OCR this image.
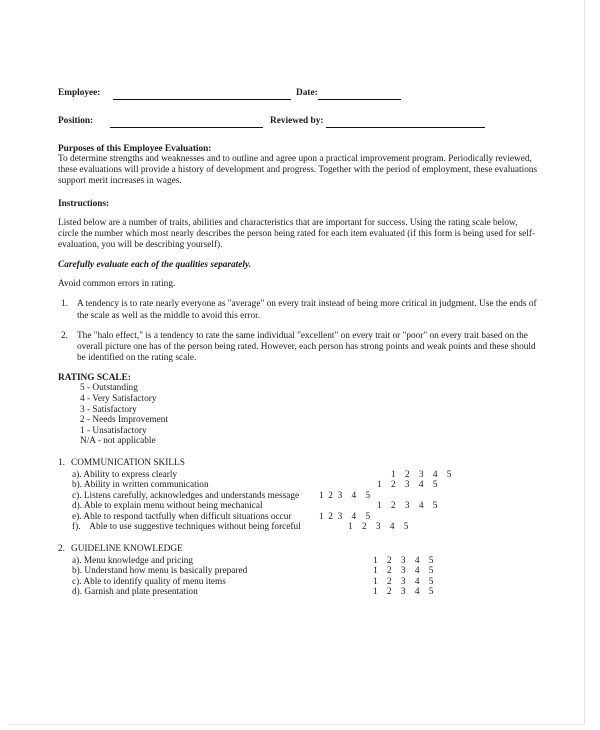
Employee:	Date:
Position:	Reviewed by:

Purposes of this Employee Evaluation:

To determine strengths and weaknesses and to outline and agree upon a practical improvement program. Periodically reviewed, these evaluations will provide a history of development and progress. Together with the period of employment, these evaluations support merit increases in wages.

Instructions:

Listed below are a number of traits, abilities and characteristics that are important for success. Using the rating scale below, circle the number which most nearly describes the person being rated for each item evaluated (if this form is being used for self-evaluation, you will be describing yourself).

Carefully evaluate each of the qualities separately.

Avoid common errors in rating.

1. A tendency is to rate nearly everyone as "average" on every trait instead of being more critical in judgment. Use the ends of the scale as well as the middle to avoid this error.
2. The "halo effect," is a tendency to rate the same individual "excellent" on every trait or "poor" on every trait based on the overall picture one has of the person being rated. However, each person has strong points and weak points and these should be identified on the rating scale.
RATING SCALE:
5 - Outstanding
4 - Very Satisfactory
3 - Satisfactory
2 - Needs Improvement
1 - Unsatisfactory
N/A - not applicable
1. COMMUNICATION SKILLS
a). Ability to express clearly	1    2    3    4    5
b). Ability in written communication	1    2    3    4    5
c). Listens carefully, acknowledges and understands message 1  2  3    4    5
d). Able to explain menu without being mechanical	1    2    3    4    5
e). Able to respond tactfully when difficult situations occur	1  2  3    4    5
f).    Able to use suggestive techniques without being forceful	1    2    3    4    5
2. GUIDELINE KNOWLEDGE
a). Menu knowledge and pricing	1    2    3    4    5
b). Understand how menu is basically prepared	1    2    3    4    5
c). Able to identify quality of menu items	1    2    3    4    5
d). Garnish and plate presentation	1    2    3    4    5
